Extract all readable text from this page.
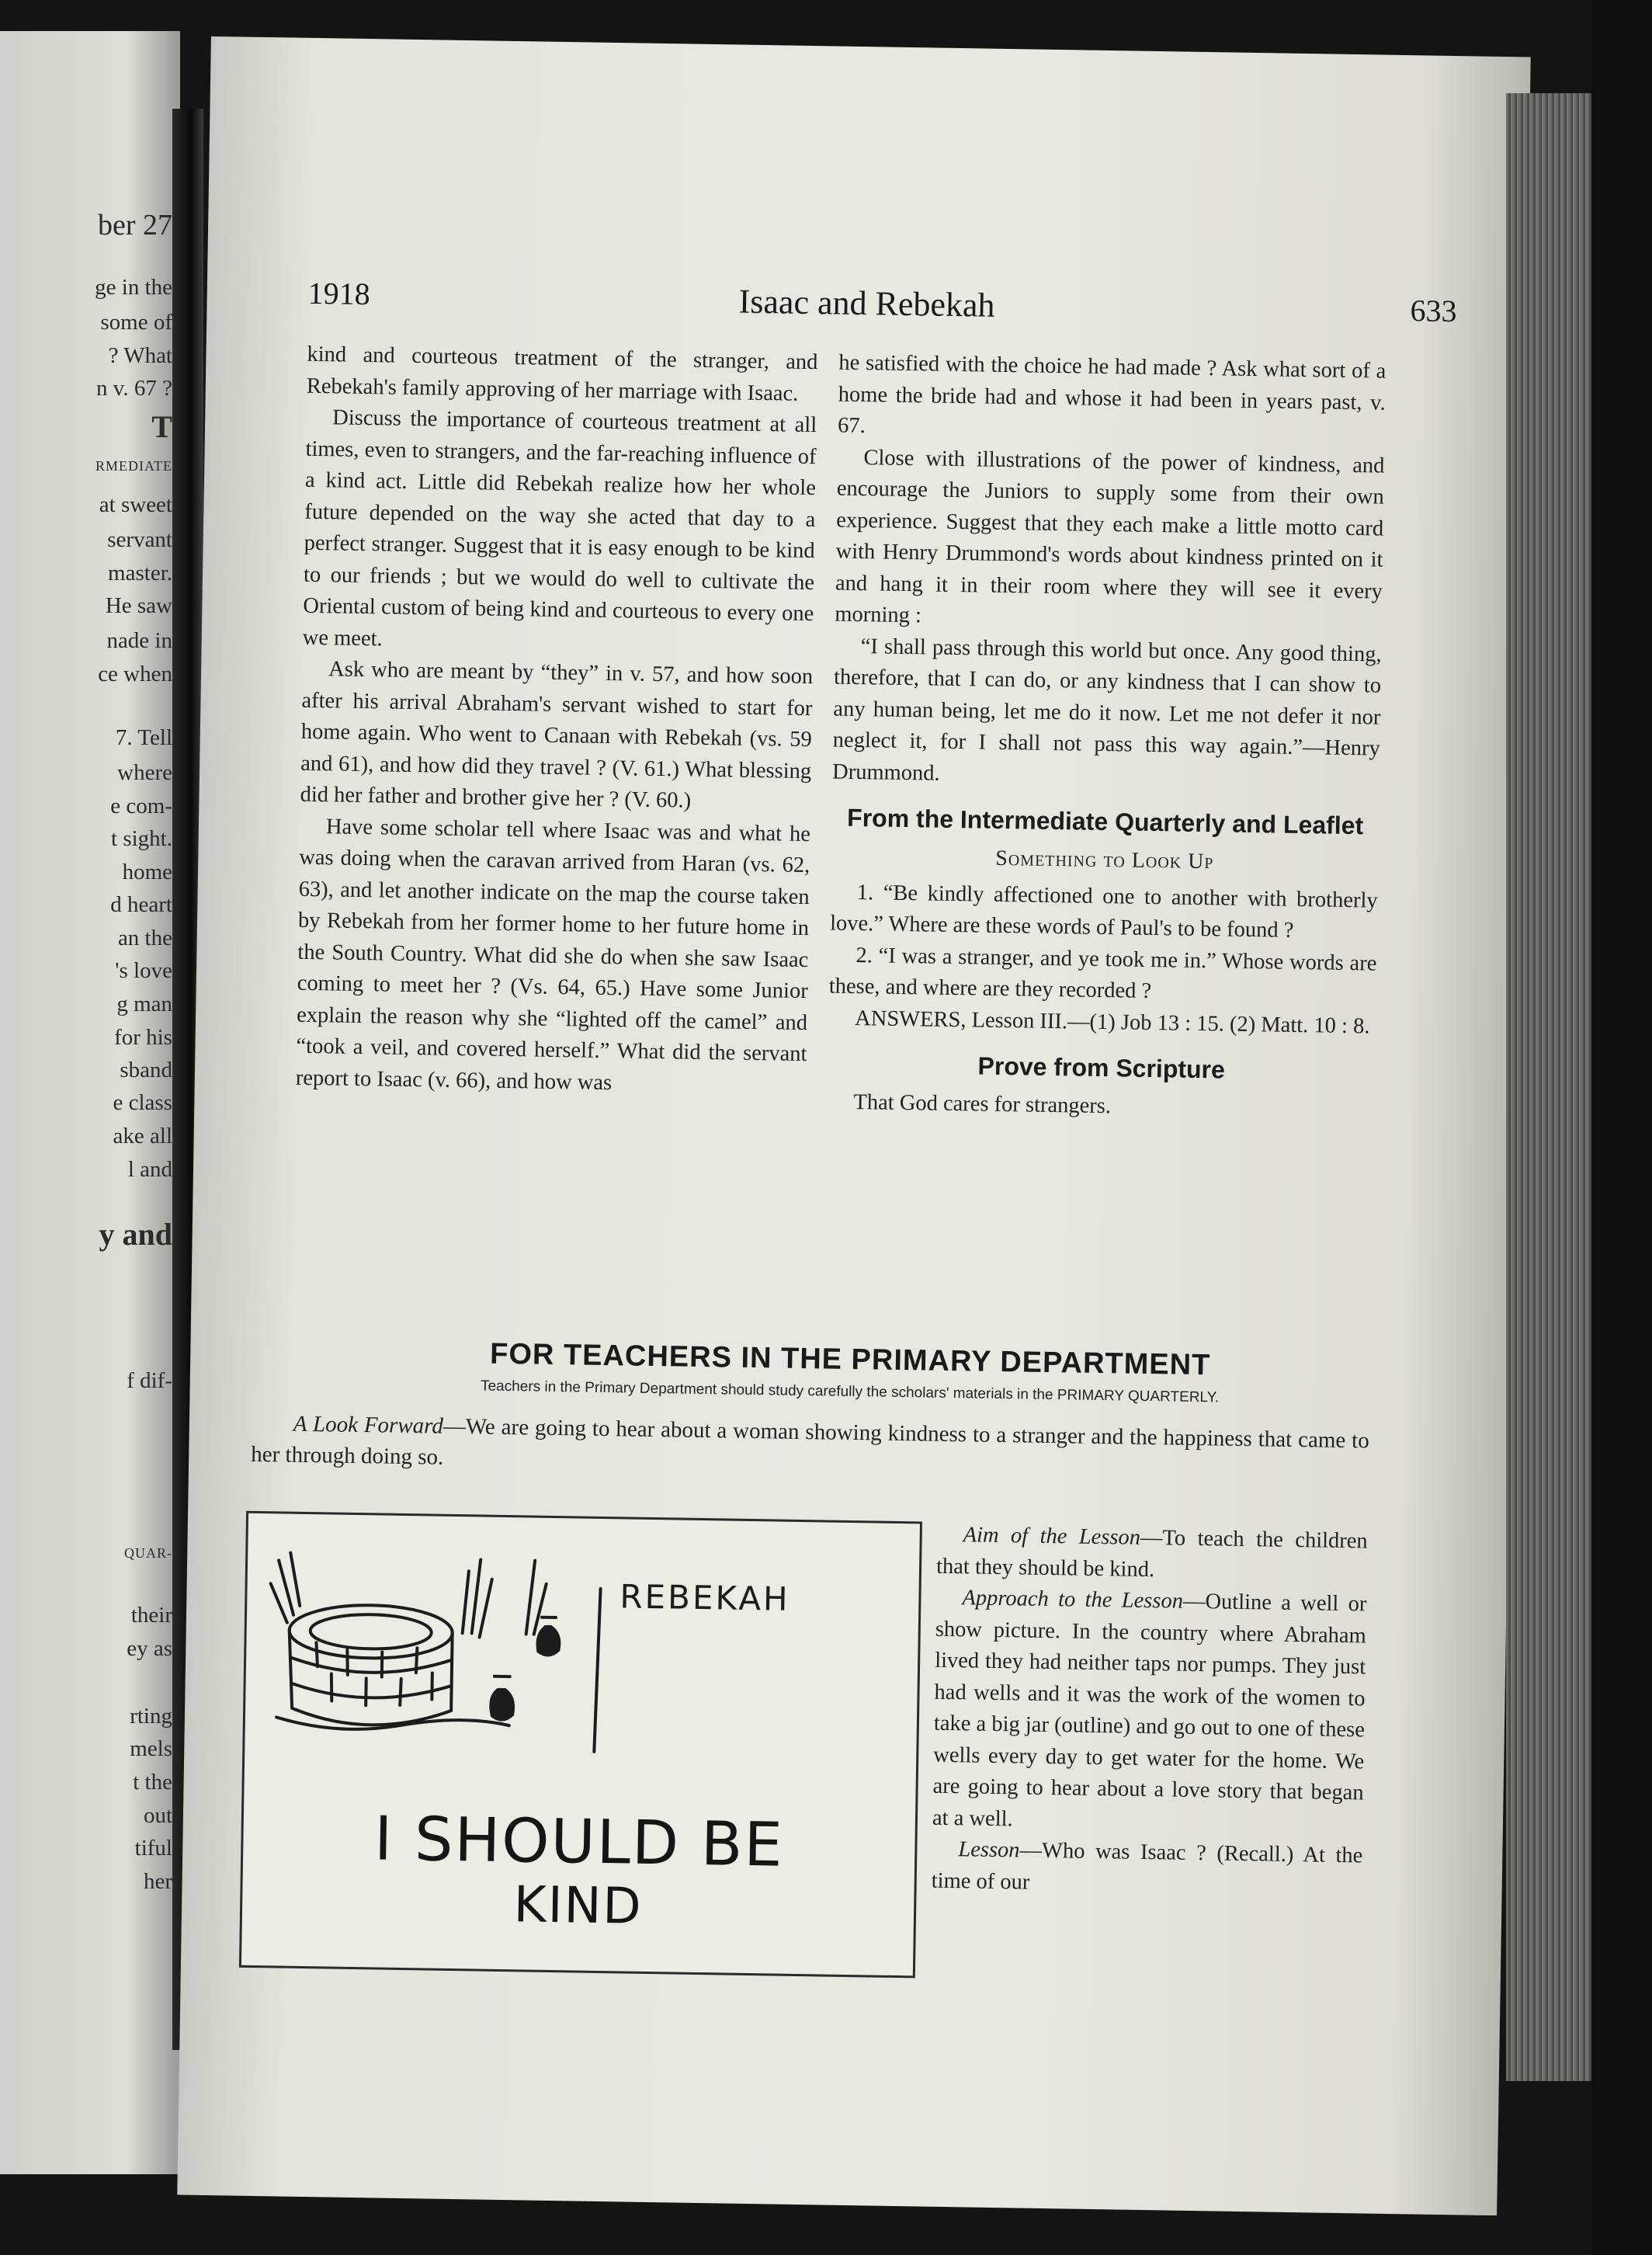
ber 27
ge in the
some of
? What
n v. 67 ?
T
RMEDIATE
at sweet
servant
master.
He saw
nade in
ce when
7. Tell
where
e com-
t sight.
home
d heart
an the
's love
g man
for his
sband
e class
ake all
l and
y and
f dif-
QUAR-
their
ey as
rting
mels
t the
out
tiful
her
1918	Isaac and Rebekah	633

kind and courteous treatment of the stranger, and Rebekah's family approving of her marriage with Isaac.

Discuss the importance of courteous treatment at all times, even to strangers, and the far-reaching influence of a kind act. Little did Rebekah realize how her whole future depended on the way she acted that day to a perfect stranger. Suggest that it is easy enough to be kind to our friends ; but we would do well to cultivate the Oriental custom of being kind and courteous to every one we meet.

Ask who are meant by “they” in v. 57, and how soon after his arrival Abraham's servant wished to start for home again. Who went to Canaan with Rebekah (vs. 59 and 61), and how did they travel ? (V. 61.) What blessing did her father and brother give her ? (V. 60.)

Have some scholar tell where Isaac was and what he was doing when the caravan arrived from Haran (vs. 62, 63), and let another indicate on the map the course taken by Rebekah from her former home to her future home in the South Country. What did she do when she saw Isaac coming to meet her ? (Vs. 64, 65.) Have some Junior explain the reason why she “lighted off the camel” and “took a veil, and covered herself.” What did the servant report to Isaac (v. 66), and how was

he satisfied with the choice he had made ? Ask what sort of a home the bride had and whose it had been in years past, v. 67.

Close with illustrations of the power of kindness, and encourage the Juniors to supply some from their own experience. Suggest that they each make a little motto card with Henry Drummond's words about kindness printed on it and hang it in their room where they will see it every morning :

“I shall pass through this world but once. Any good thing, therefore, that I can do, or any kindness that I can show to any human being, let me do it now. Let me not defer it nor neglect it, for I shall not pass this way again.”—Henry Drummond.

From the Intermediate Quarterly and Leaflet
Something to Look Up

1. “Be kindly affectioned one to another with brotherly love.” Where are these words of Paul's to be found ?

2. “I was a stranger, and ye took me in.” Whose words are these, and where are they recorded ?

ANSWERS, Lesson III.—(1) Job 13 : 15. (2) Matt. 10 : 8.

Prove from Scripture

That God cares for strangers.

FOR TEACHERS IN THE PRIMARY DEPARTMENT
Teachers in the Primary Department should study carefully the scholars' materials in the PRIMARY QUARTERLY.
A Look Forward—We are going to hear about a woman showing kindness to a stranger and the happiness that came to her through doing so.
REBEKAH
I SHOULD BE
KIND

Aim of the Lesson—To teach the children that they should be kind.

Approach to the Lesson—Outline a well or show picture. In the country where Abraham lived they had neither taps nor pumps. They just had wells and it was the work of the women to take a big jar (outline) and go out to one of these wells every day to get water for the home. We are going to hear about a love story that began at a well.

Lesson—Who was Isaac ? (Recall.) At the time of our
